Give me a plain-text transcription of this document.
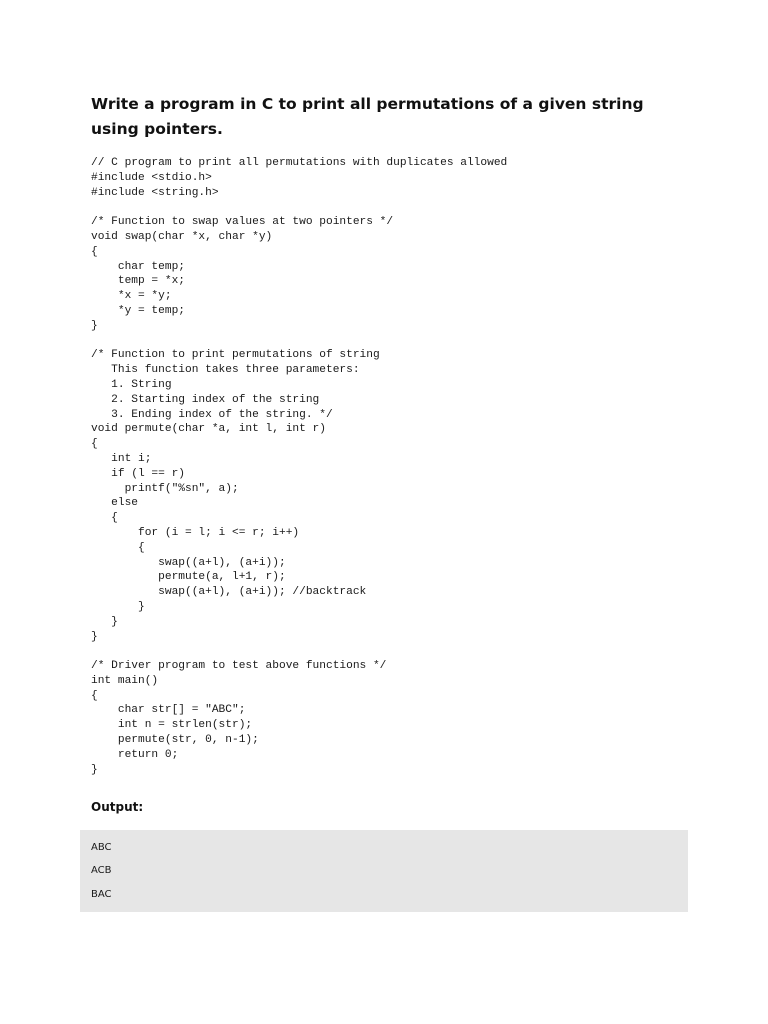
Write a program in C to print all permutations of a given string
using pointers.
// C program to print all permutations with duplicates allowed
#include <stdio.h>
#include <string.h>
/* Function to swap values at two pointers */
void swap(char *x, char *y)
{
char temp;
temp = *x;
*x = *y;
*y = temp;
}
/* Function to print permutations of string
This function takes three parameters:
1. String
2. Starting index of the string
3. Ending index of the string. */
void permute(char *a, int l, int r)
{
int i;
if (l == r)
printf("%sn", a);
else
{
for (i = l; i <= r; i++)
{
swap((a+l), (a+i));
permute(a, l+1, r);
swap((a+l), (a+i)); //backtrack
}
}
}
/* Driver program to test above functions */
int main()
{
char str[] = "ABC";
int n = strlen(str);
permute(str, 0, n-1);
return 0;
}

Output:

ABC
ACB
BAC
